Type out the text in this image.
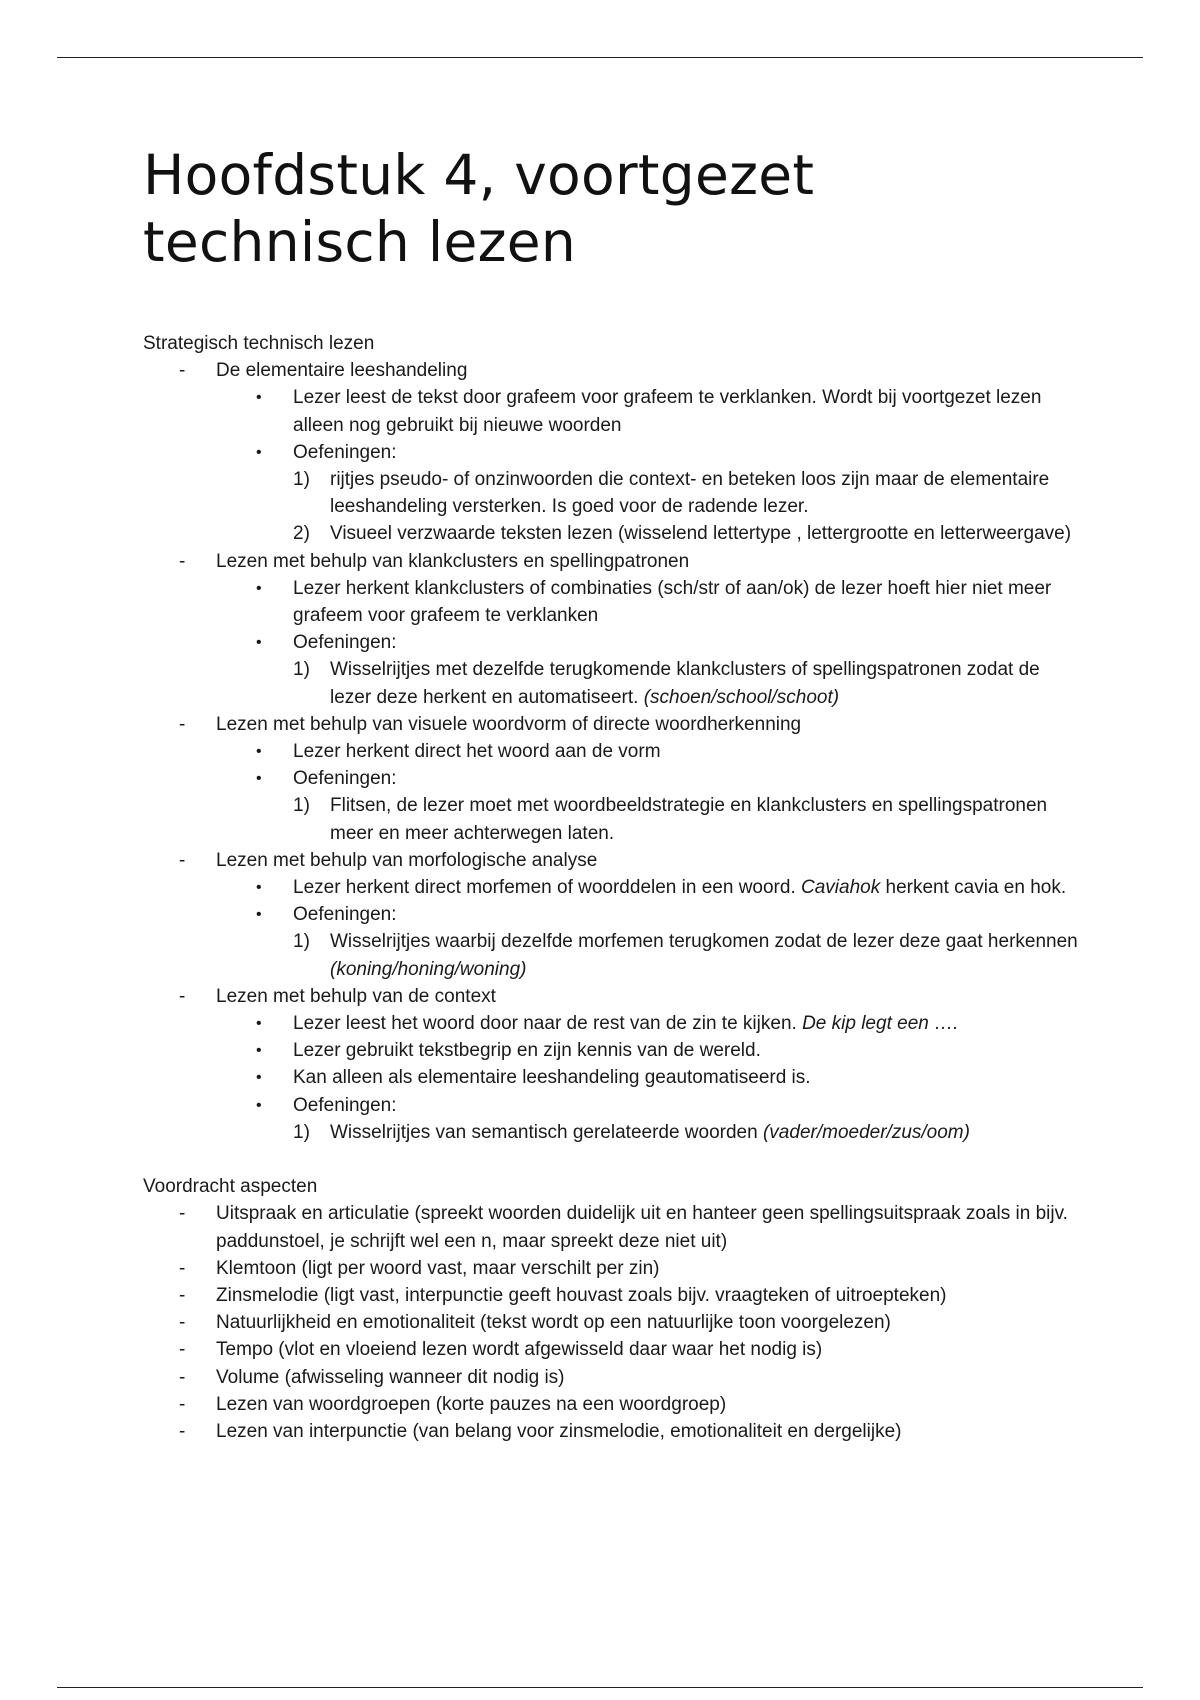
Hoofdstuk 4, voortgezet technisch lezen

Strategisch technisch lezen

-	De elementaire leeshandeling
• Lezer leest de tekst door grafeem voor grafeem te verklanken. Wordt bij voortgezet lezen alleen nog gebruikt bij nieuwe woorden
• Oefeningen:
1) rijtjes pseudo- of onzinwoorden die context- en beteken loos zijn maar de elementaire leeshandeling versterken. Is goed voor de radende lezer.
2) Visueel verzwaarde teksten lezen (wisselend lettertype , lettergrootte en letterweergave)
-	Lezen met behulp van klankclusters en spellingpatronen
• Lezer herkent klankclusters of combinaties (sch/str of aan/ok) de lezer hoeft hier niet meer grafeem voor grafeem te verklanken
• Oefeningen:
1) Wisselrijtjes met dezelfde terugkomende klankclusters of spellingspatronen zodat de lezer deze herkent en automatiseert. (schoen/school/schoot)
-	Lezen met behulp van visuele woordvorm of directe woordherkenning
• Lezer herkent direct het woord aan de vorm
• Oefeningen:
1) Flitsen, de lezer moet met woordbeeldstrategie en klankclusters en spellingspatronen meer en meer achterwegen laten.
-	Lezen met behulp van morfologische analyse
• Lezer herkent direct morfemen of woorddelen in een woord. Caviahok herkent cavia en hok.
• Oefeningen:
1) Wisselrijtjes waarbij dezelfde morfemen terugkomen zodat de lezer deze gaat herkennen (koning/honing/woning)
-	Lezen met behulp van de context
• Lezer leest het woord door naar de rest van de zin te kijken. De kip legt een ….
• Lezer gebruikt tekstbegrip en zijn kennis van de wereld.
• Kan alleen als elementaire leeshandeling geautomatiseerd is.
• Oefeningen:
1) Wisselrijtjes van semantisch gerelateerde woorden (vader/moeder/zus/oom)

Voordracht aspecten

-	Uitspraak en articulatie (spreekt woorden duidelijk uit en hanteer geen spellingsuitspraak zoals in bijv. paddunstoel, je schrijft wel een n, maar spreekt deze niet uit)
-	Klemtoon (ligt per woord vast, maar verschilt per zin)
-	Zinsmelodie (ligt vast, interpunctie geeft houvast zoals bijv. vraagteken of uitroepteken)
-	Natuurlijkheid en emotionaliteit (tekst wordt op een natuurlijke toon voorgelezen)
-	Tempo (vlot en vloeiend lezen wordt afgewisseld daar waar het nodig is)
-	Volume (afwisseling wanneer dit nodig is)
-	Lezen van woordgroepen (korte pauzes na een woordgroep)
-	Lezen van interpunctie (van belang voor zinsmelodie, emotionaliteit en dergelijke)
